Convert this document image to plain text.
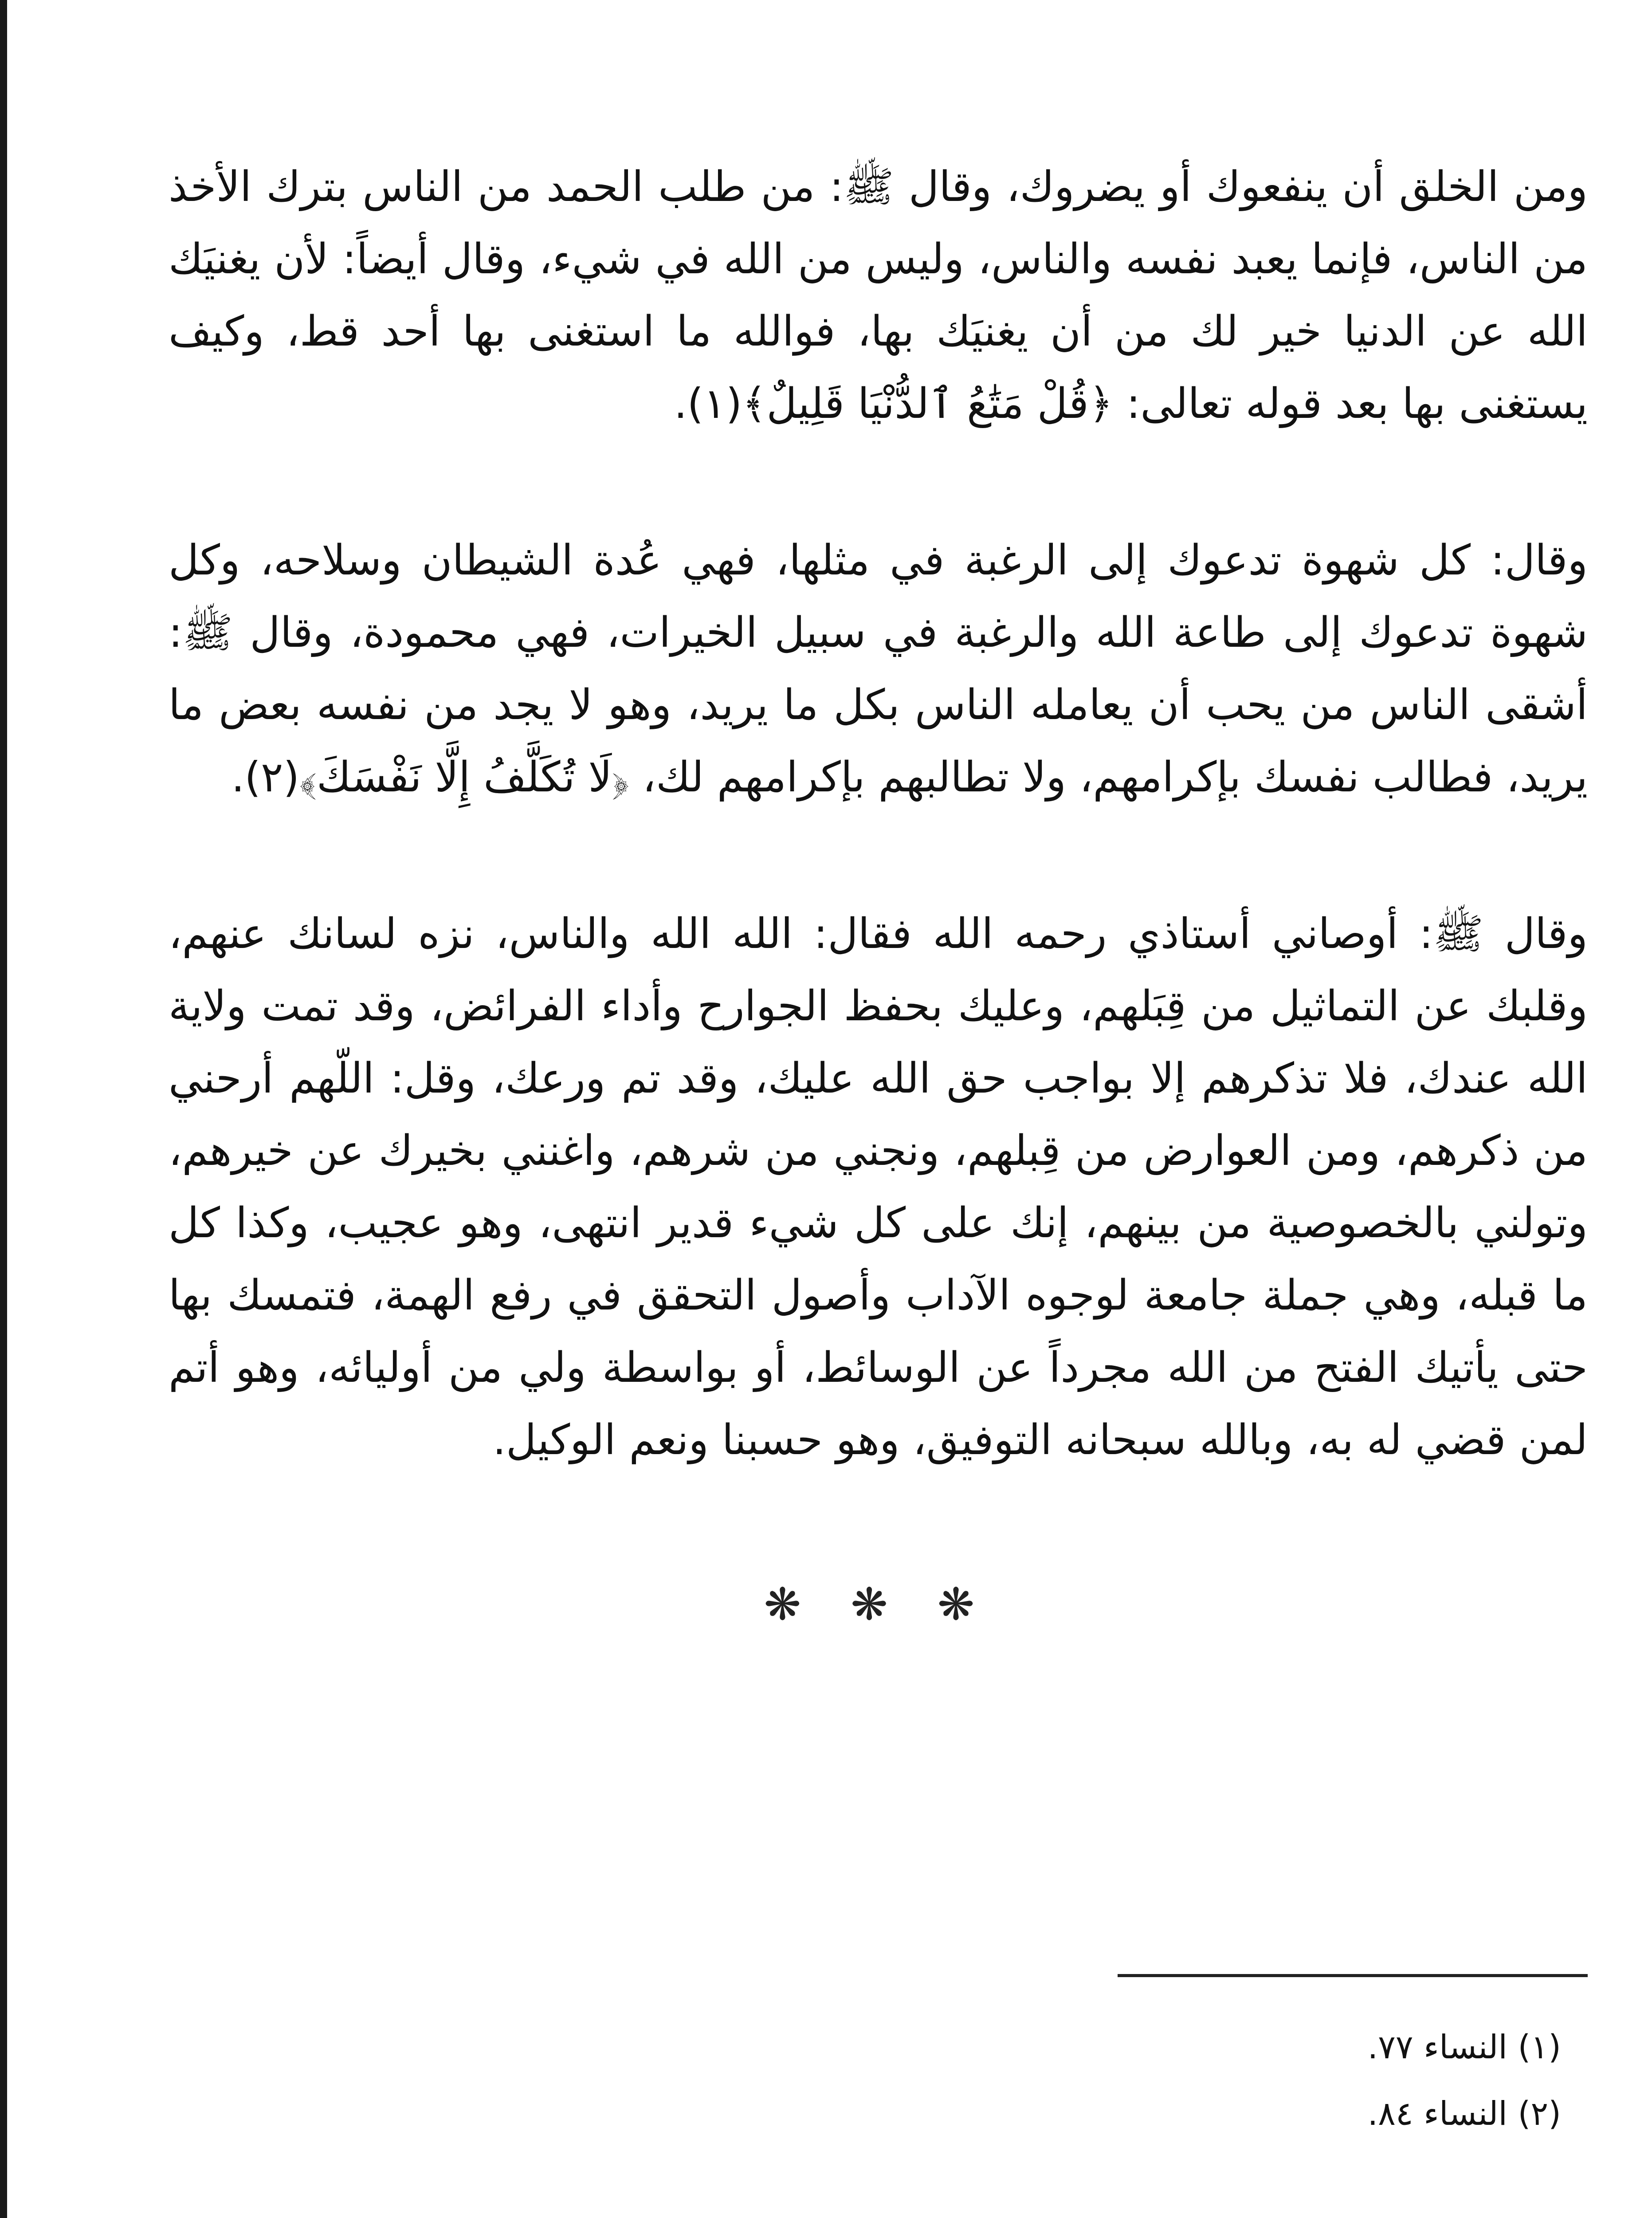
ومن الخلق أن ينفعوك أو يضروك، وقال ﷺ: من طلب الحمد من الناس بترك الأخذ من الناس، فإنما يعبد نفسه والناس، وليس من الله في شيء، وقال أيضاً: لأن يغنيَك الله عن الدنيا خير لك من أن يغنيَك بها، فوالله ما استغنى بها أحد قط، وكيف يستغنى بها بعد قوله تعالى: ﴿قُلْ مَتَٰعُ ٱلدُّنْيَا قَلِيلٌ﴾(١).

وقال: كل شهوة تدعوك إلى الرغبة في مثلها، فهي عُدة الشيطان وسلاحه، وكل شهوة تدعوك إلى طاعة الله والرغبة في سبيل الخيرات، فهي محمودة، وقال ﷺ: أشقى الناس من يحب أن يعامله الناس بكل ما يريد، وهو لا يجد من نفسه بعض ما يريد، فطالب نفسك بإكرامهم، ولا تطالبهم بإكرامهم لك، ﴿لَا تُكَلَّفُ إِلَّا نَفْسَكَ﴾(٢).

وقال ﷺ: أوصاني أستاذي رحمه الله فقال: الله الله والناس، نزه لسانك عنهم، وقلبك عن التماثيل من قِبَلهم، وعليك بحفظ الجوارح وأداء الفرائض، وقد تمت ولاية الله عندك، فلا تذكرهم إلا بواجب حق الله عليك، وقد تم ورعك، وقل: اللّهم أرحني من ذكرهم، ومن العوارض من قِبلهم، ونجني من شرهم، واغنني بخيرك عن خيرهم، وتولني بالخصوصية من بينهم، إنك على كل شيء قدير انتهى، وهو عجيب، وكذا كل ما قبله، وهي جملة جامعة لوجوه الآداب وأصول التحقق في رفع الهمة، فتمسك بها حتى يأتيك الفتح من الله مجرداً عن الوسائط، أو بواسطة ولي من أوليائه، وهو أتم لمن قضي له به، وبالله سبحانه التوفيق، وهو حسبنا ونعم الوكيل.

❋ ❋ ❋
(١) النساء ٧٧.
(٢) النساء ٨٤.
